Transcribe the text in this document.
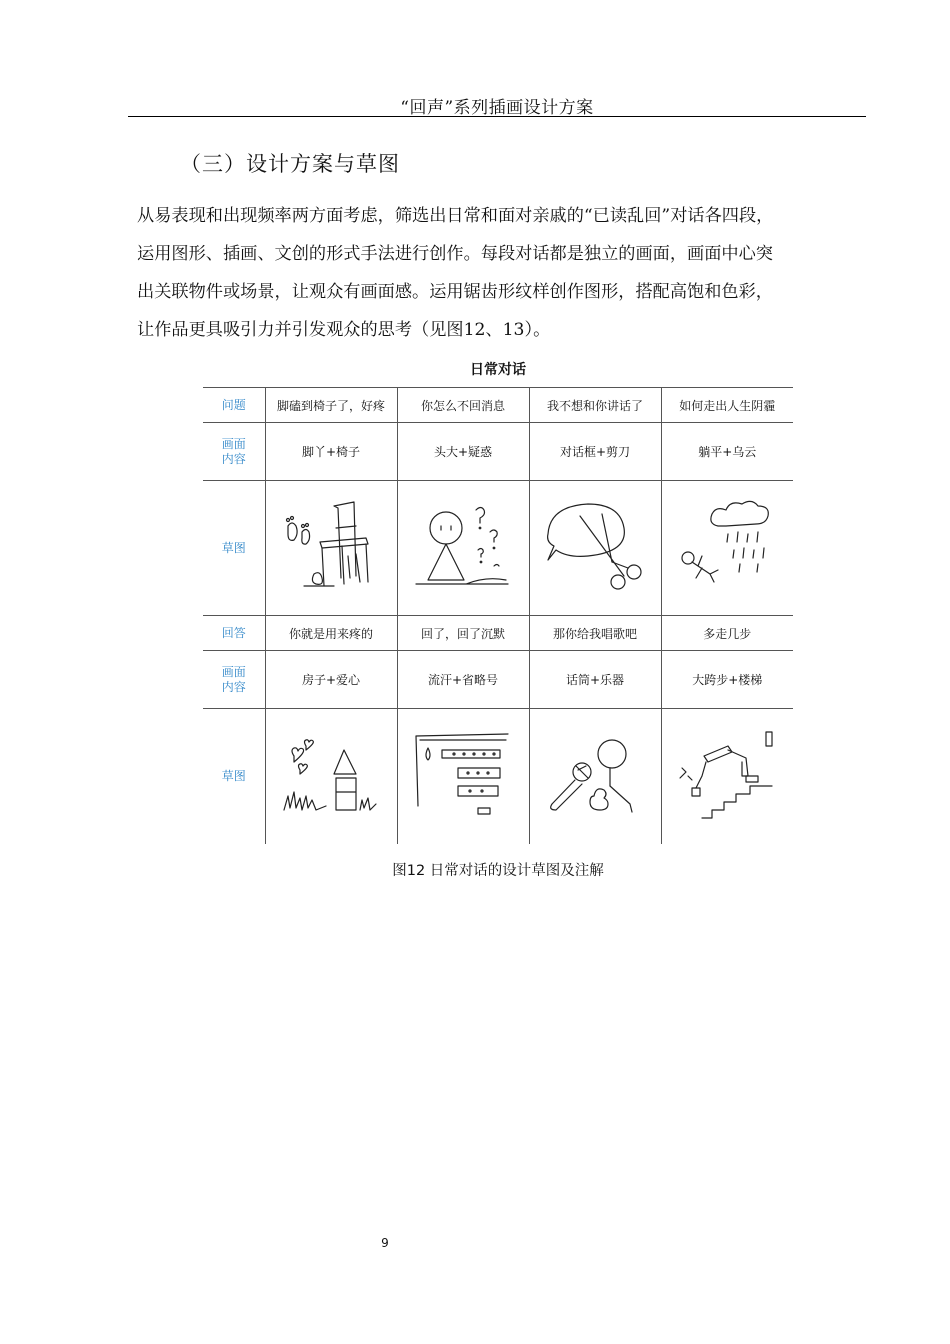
“回声”系列插画设计方案
（三）设计方案与草图

从易表现和出现频率两方面考虑，筛选出日常和面对亲戚的“已读乱回”对话各四段，

运用图形、插画、文创的形式手法进行创作。每段对话都是独立的画面，画面中心突

出关联物件或场景，让观众有画面感。运用锯齿形纹样创作图形，搭配高饱和色彩，

让作品更具吸引力并引发观众的思考（见图12、13）。

日常对话
问题	脚磕到椅子了，好疼	你怎么不回消息	我不想和你讲话了	如何走出人生阴霾
画面内容	脚丫+椅子	头大+疑惑	对话框+剪刀	躺平+乌云
草图	

回答	你就是用来疼的	回了，回了沉默	那你给我唱歌吧	多走几步
画面内容	房子+爱心	流汗+省略号	话筒+乐器	大跨步+楼梯
草图	

图12 日常对话的设计草图及注解
9
